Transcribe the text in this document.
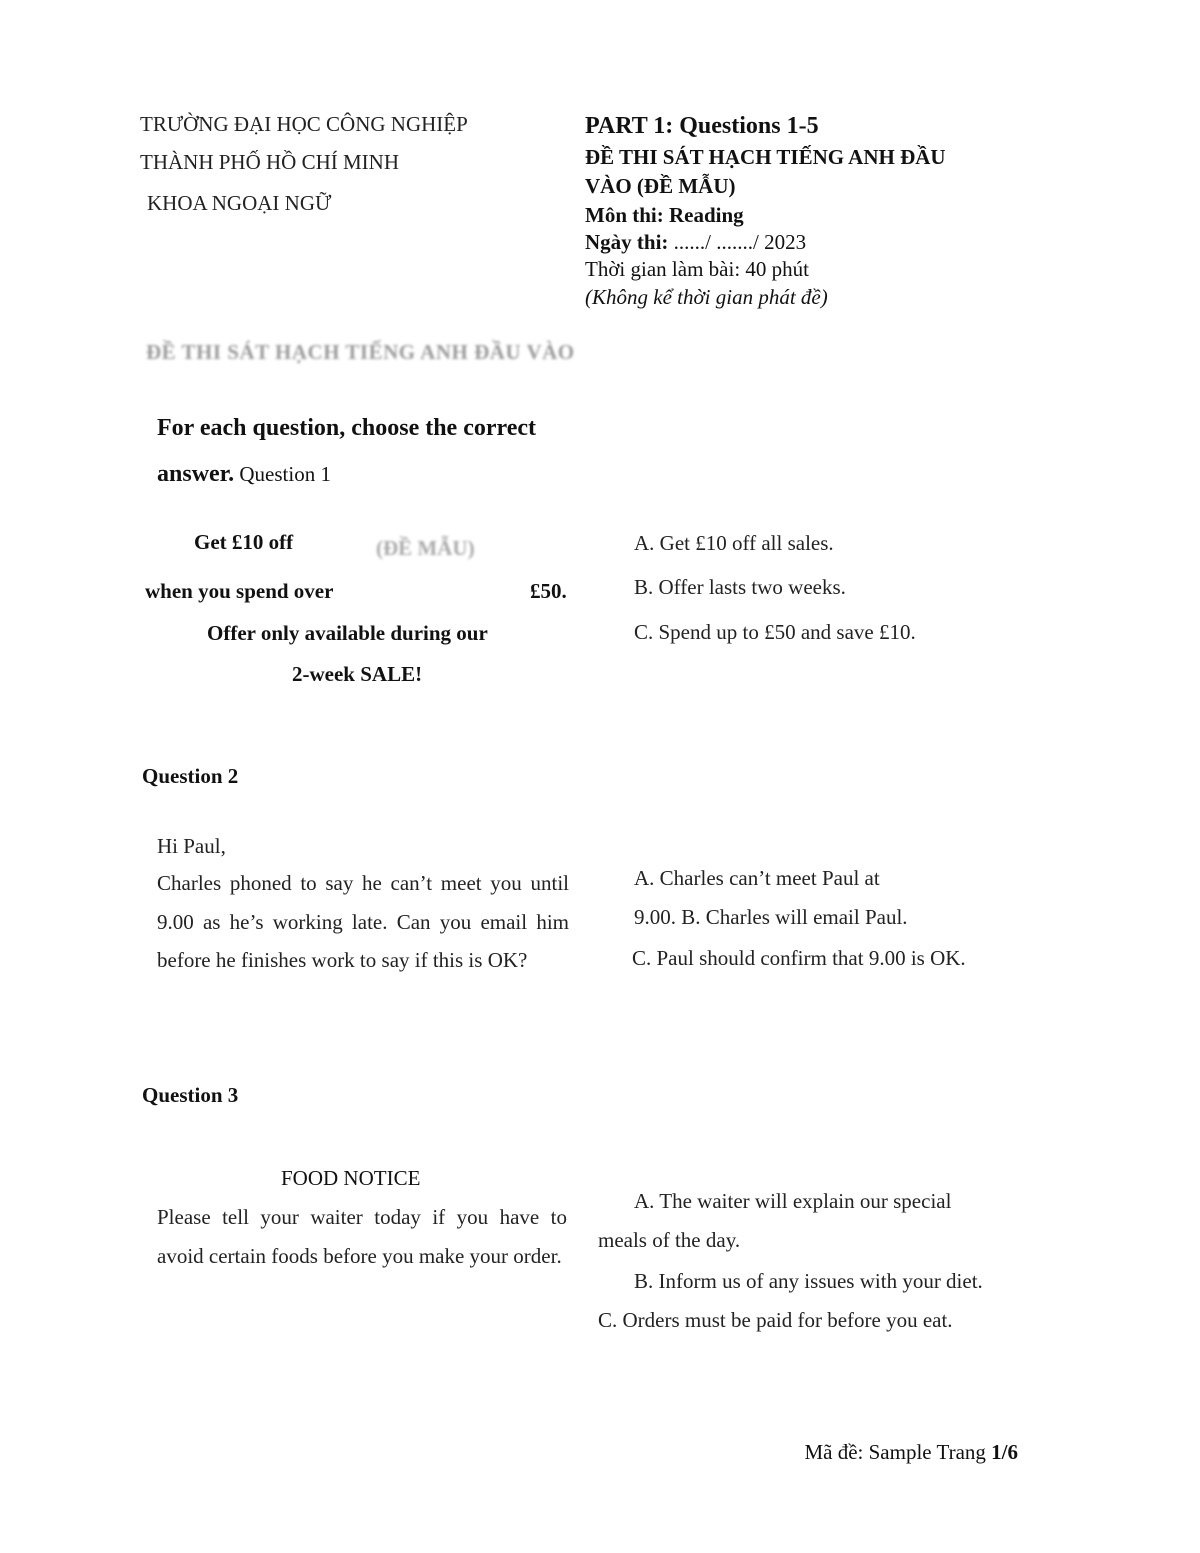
TRƯỜNG ĐẠI HỌC CÔNG NGHIỆP
THÀNH PHỐ HỒ CHÍ MINH
KHOA NGOẠI NGỮ
PART 1: Questions 1-5
ĐỀ THI SÁT HẠCH TIẾNG ANH ĐẦU
VÀO (ĐỀ MẪU)
Môn thi: Reading
Ngày thi: ....../ ......./ 2023
Thời gian làm bài: 40 phút
(Không kể thời gian phát đề)
ĐỀ THI SÁT HẠCH TIẾNG ANH ĐẦU VÀO
(ĐỀ MẪU)
For each question, choose the correct
answer. Question 1
Get £10 off
when you spend over	£50.
Offer only available during our
2-week SALE!
A. Get £10 off all sales.
B. Offer lasts two weeks.
C. Spend up to £50 and save £10.
Question 2
Hi Paul,

Charles phoned to say he can’t meet you until 9.00 as he’s working late. Can you email him before he finishes work to say if this is OK?

A. Charles can’t meet Paul at
9.00. B. Charles will email Paul.
C. Paul should confirm that 9.00 is OK.
Question 3
FOOD NOTICE

Please tell your waiter today if you have to avoid certain foods before you make your order.

A. The waiter will explain our special
meals of the day.
B. Inform us of any issues with your diet.
C. Orders must be paid for before you eat.
Mã đề: Sample Trang 1/6
